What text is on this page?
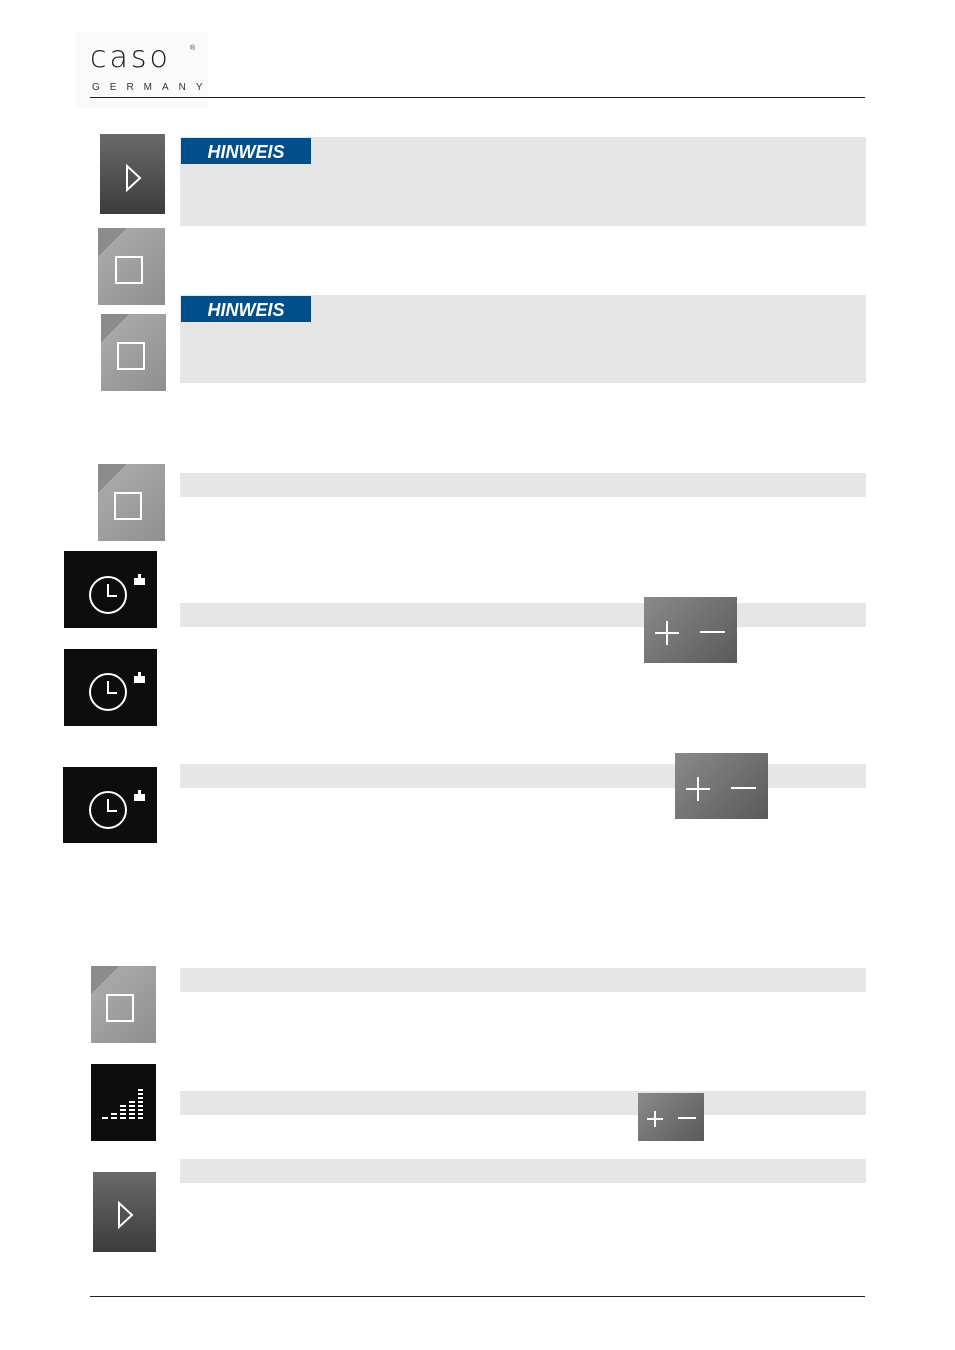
caso	®
GERMANY
HINWEIS
HINWEIS
